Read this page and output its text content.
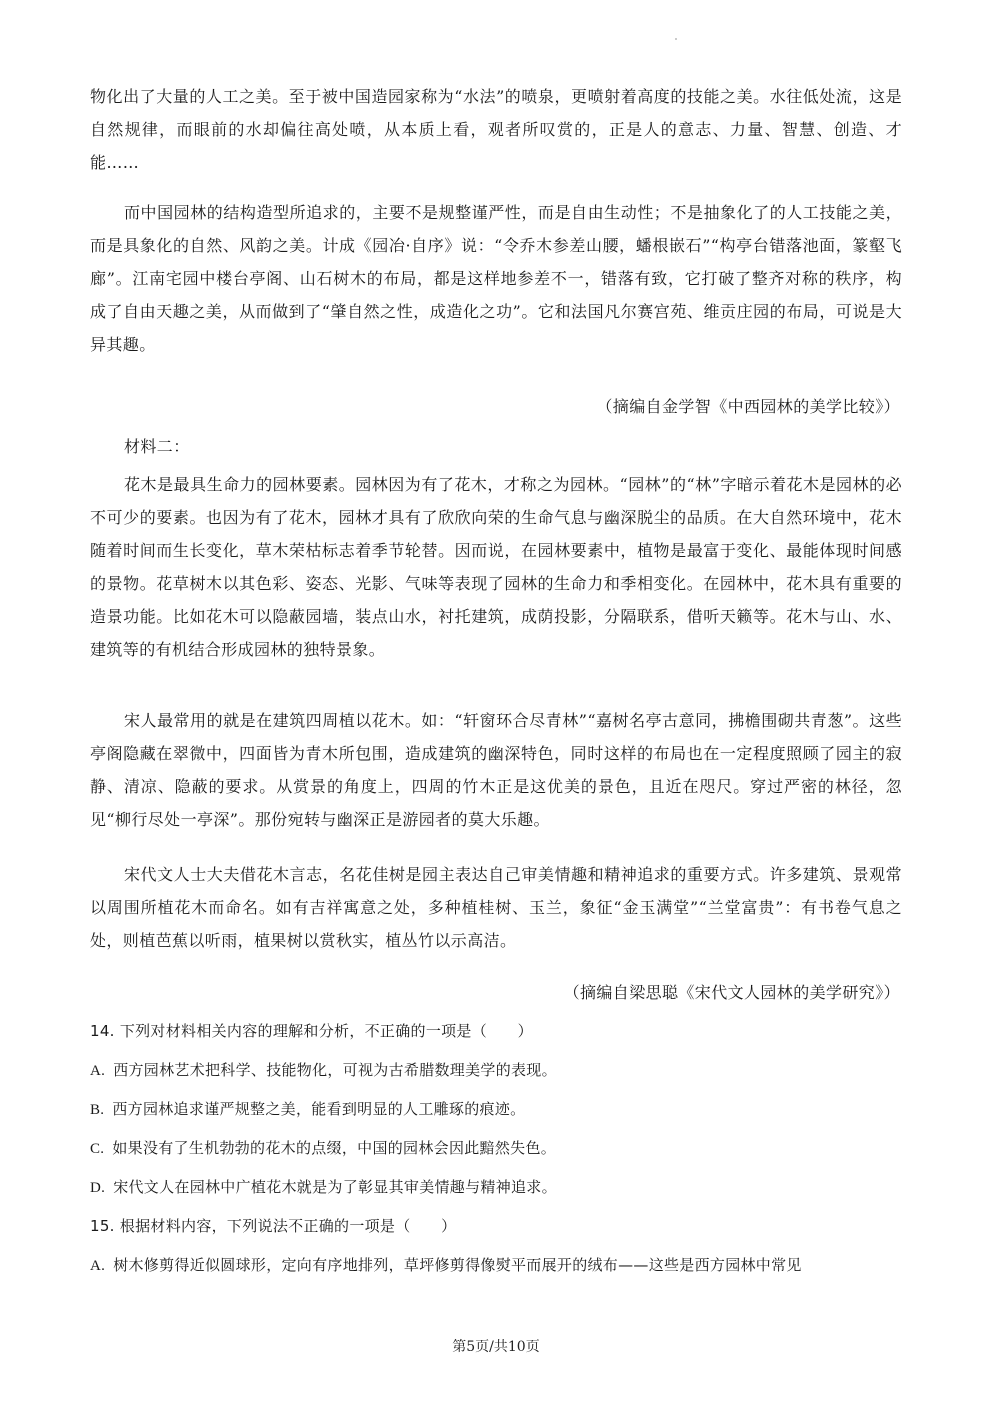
物化出了大量的人工之美。至于被中国造园家称为“水法”的喷泉，更喷射着高度的技能之美。水往低处流，这是自然规律，而眼前的水却偏往高处喷，从本质上看，观者所叹赏的，正是人的意志、力量、智慧、创造、才能……

而中国园林的结构造型所追求的，主要不是规整谨严性，而是自由生动性；不是抽象化了的人工技能之美，而是具象化的自然、风韵之美。计成《园冶·自序》说：“令乔木参差山腰，蟠根嵌石”“构亭台错落池面，篆壑飞廊”。江南宅园中楼台亭阁、山石树木的布局，都是这样地参差不一，错落有致，它打破了整齐对称的秩序，构成了自由天趣之美，从而做到了“肇自然之性，成造化之功”。它和法国凡尔赛宫苑、维贡庄园的布局，可说是大异其趣。

（摘编自金学智《中西园林的美学比较》）

材料二：

花木是最具生命力的园林要素。园林因为有了花木，才称之为园林。“园林”的“林”字暗示着花木是园林的必不可少的要素。也因为有了花木，园林才具有了欣欣向荣的生命气息与幽深脱尘的品质。在大自然环境中，花木随着时间而生长变化，草木荣枯标志着季节轮替。因而说，在园林要素中，植物是最富于变化、最能体现时间感的景物。花草树木以其色彩、姿态、光影、气味等表现了园林的生命力和季相变化。在园林中，花木具有重要的造景功能。比如花木可以隐蔽园墙，装点山水，衬托建筑，成荫投影，分隔联系，借听天籁等。花木与山、水、建筑等的有机结合形成园林的独特景象。

宋人最常用的就是在建筑四周植以花木。如：“轩窗环合尽青林”“嘉树名亭古意同，拂檐围砌共青葱”。这些亭阁隐藏在翠微中，四面皆为青木所包围，造成建筑的幽深特色，同时这样的布局也在一定程度照顾了园主的寂静、清凉、隐蔽的要求。从赏景的角度上，四周的竹木正是这优美的景色，且近在咫尺。穿过严密的林径，忽见“柳行尽处一亭深”。那份宛转与幽深正是游园者的莫大乐趣。

宋代文人士大夫借花木言志，名花佳树是园主表达自己审美情趣和精神追求的重要方式。许多建筑、景观常以周围所植花木而命名。如有吉祥寓意之处，多种植桂树、玉兰，象征“金玉满堂”“兰堂富贵”：有书卷气息之处，则植芭蕉以听雨，植果树以赏秋实，植丛竹以示高洁。

（摘编自梁思聪《宋代文人园林的美学研究》）

14. 下列对材料相关内容的理解和分析，不正确的一项是（　　）

A. 西方园林艺术把科学、技能物化，可视为古希腊数理美学的表现。

B. 西方园林追求谨严规整之美，能看到明显的人工雕琢的痕迹。

C. 如果没有了生机勃勃的花木的点缀，中国的园林会因此黯然失色。

D. 宋代文人在园林中广植花木就是为了彰显其审美情趣与精神追求。

15. 根据材料内容，下列说法不正确的一项是（　　）

A. 树木修剪得近似圆球形，定向有序地排列，草坪修剪得像熨平而展开的绒布——这些是西方园林中常见

第5页/共10页
